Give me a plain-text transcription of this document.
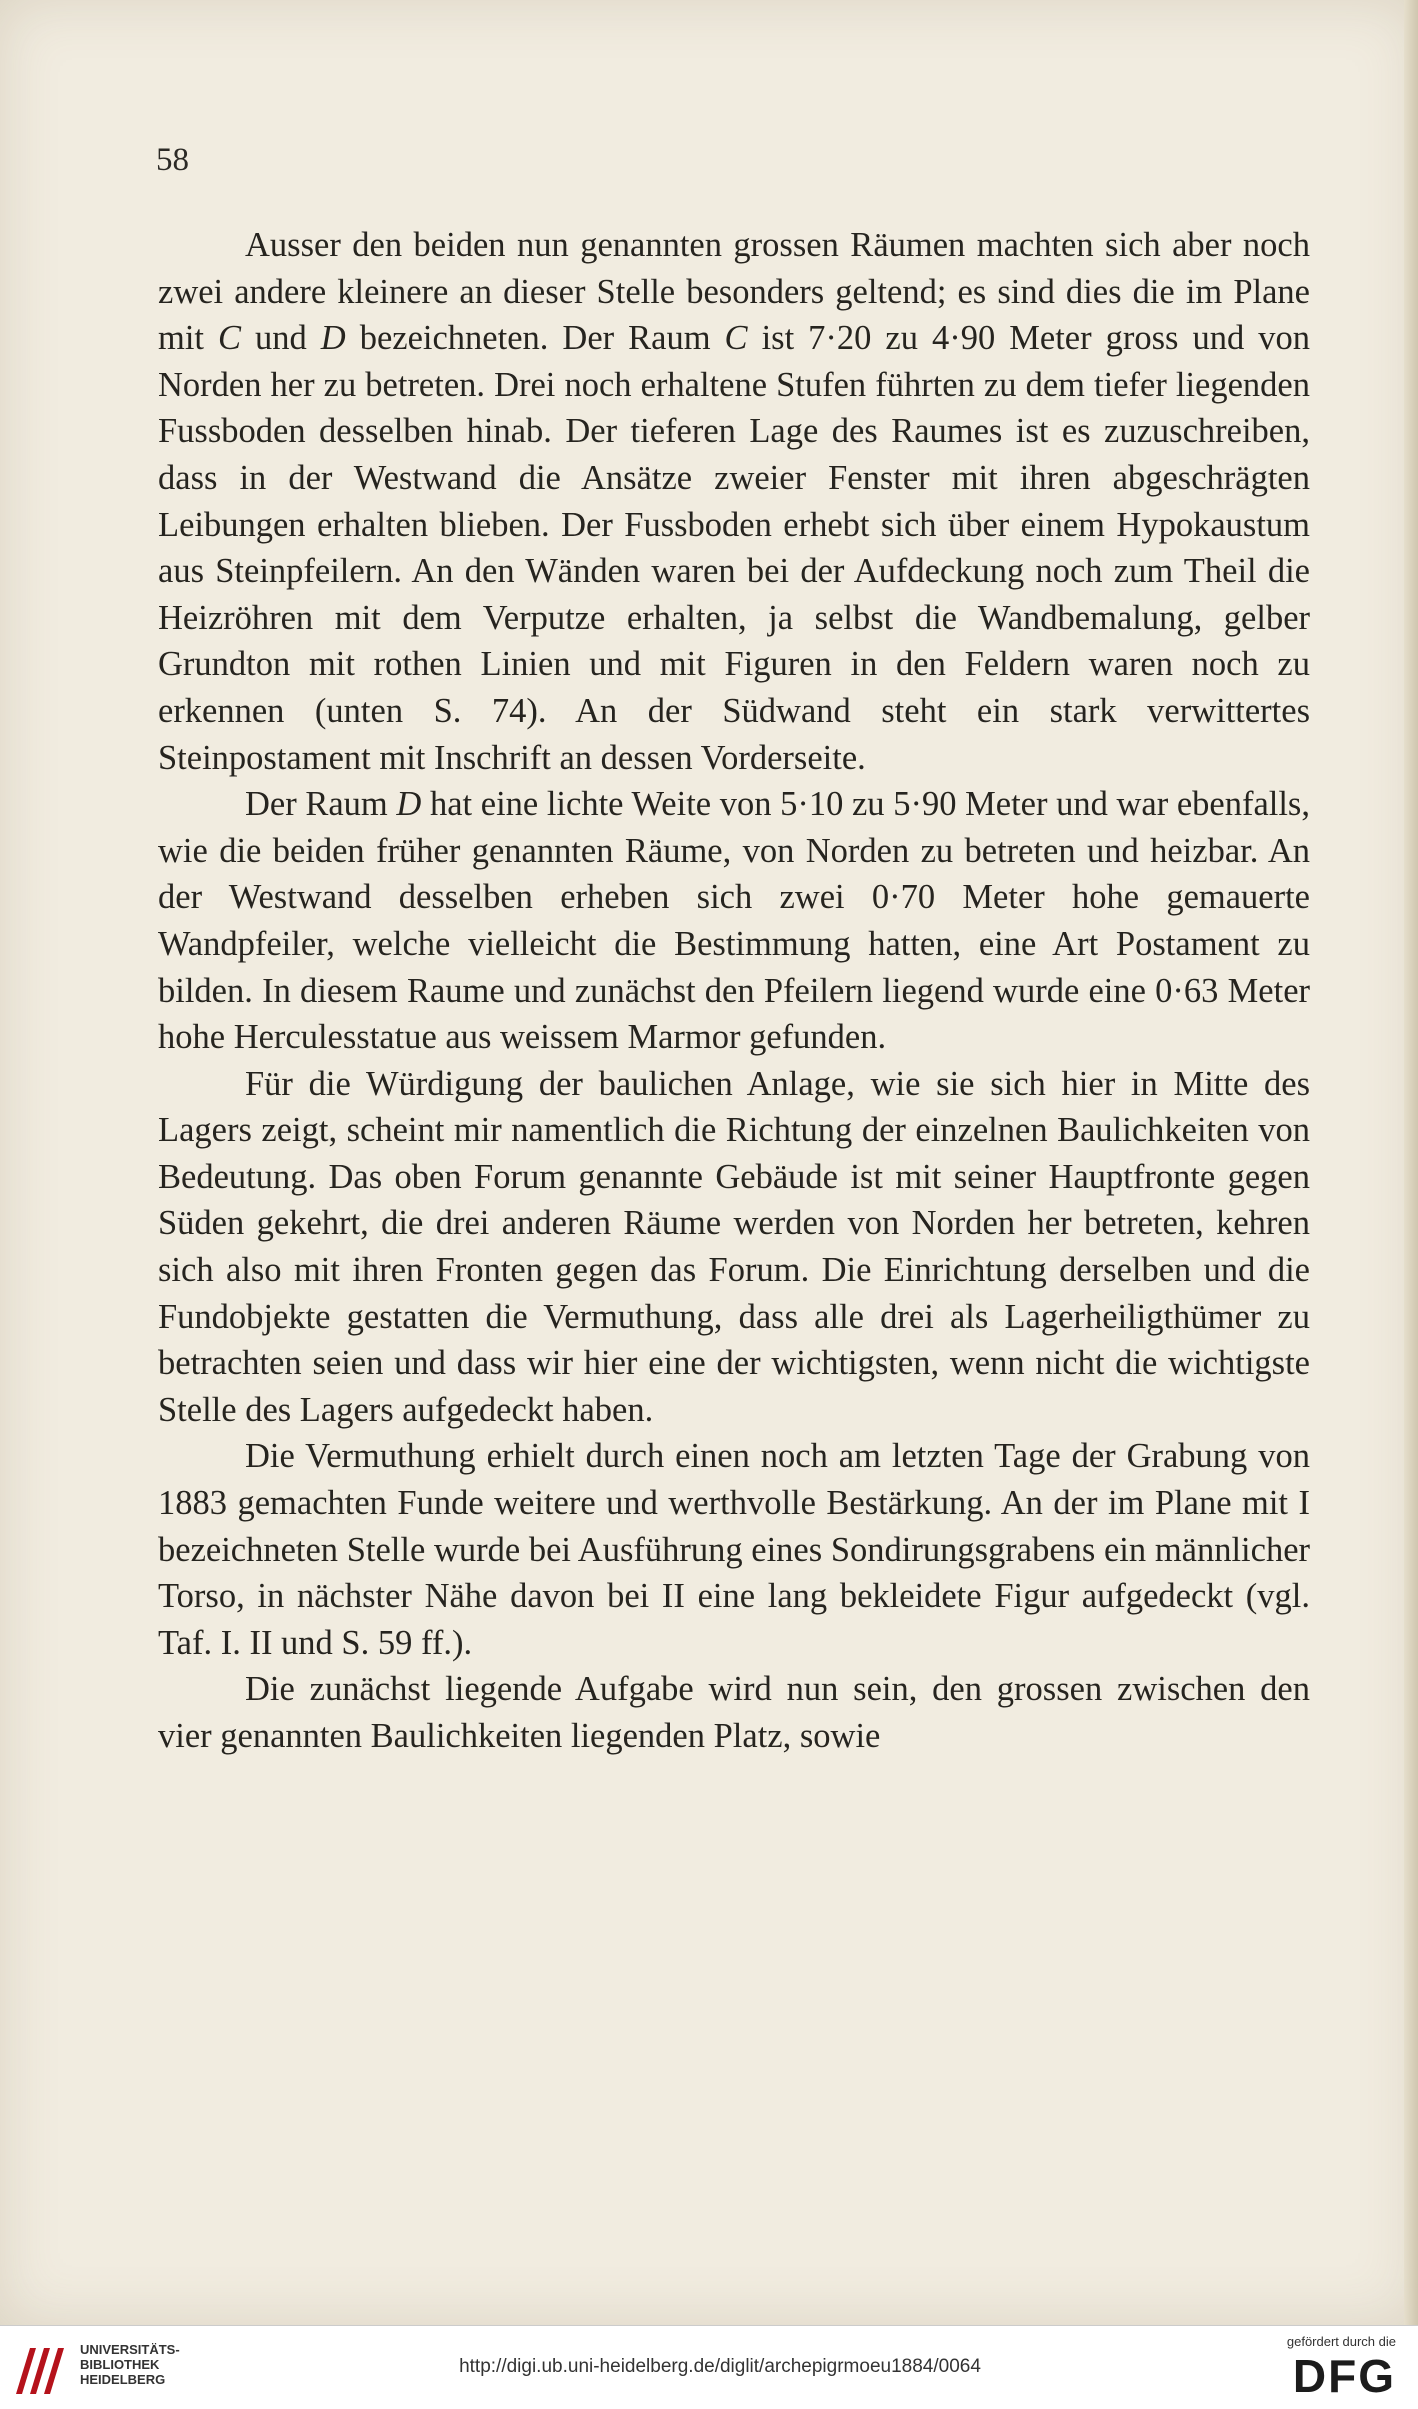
58

Ausser den beiden nun genannten grossen Räumen machten sich aber noch zwei andere kleinere an dieser Stelle besonders geltend; es sind dies die im Plane mit C und D bezeichneten. Der Raum C ist 7·20 zu 4·90 Meter gross und von Norden her zu betreten. Drei noch erhaltene Stufen führten zu dem tiefer liegenden Fussboden desselben hinab. Der tieferen Lage des Raumes ist es zuzuschreiben, dass in der Westwand die Ansätze zweier Fenster mit ihren abgeschrägten Leibungen erhalten blieben. Der Fussboden erhebt sich über einem Hypokaustum aus Steinpfeilern. An den Wänden waren bei der Aufdeckung noch zum Theil die Heizröhren mit dem Verputze erhalten, ja selbst die Wandbemalung, gelber Grundton mit rothen Linien und mit Figuren in den Feldern waren noch zu erkennen (unten S. 74). An der Südwand steht ein stark verwittertes Steinpostament mit Inschrift an dessen Vorderseite.

Der Raum D hat eine lichte Weite von 5·10 zu 5·90 Meter und war ebenfalls, wie die beiden früher genannten Räume, von Norden zu betreten und heizbar. An der Westwand desselben erheben sich zwei 0·70 Meter hohe gemauerte Wandpfeiler, welche vielleicht die Bestimmung hatten, eine Art Postament zu bilden. In diesem Raume und zunächst den Pfeilern liegend wurde eine 0·63 Meter hohe Herculesstatue aus weissem Marmor gefunden.

Für die Würdigung der baulichen Anlage, wie sie sich hier in Mitte des Lagers zeigt, scheint mir namentlich die Richtung der einzelnen Baulichkeiten von Bedeutung. Das oben Forum genannte Gebäude ist mit seiner Hauptfronte gegen Süden gekehrt, die drei anderen Räume werden von Norden her betreten, kehren sich also mit ihren Fronten gegen das Forum. Die Einrichtung derselben und die Fundobjekte gestatten die Vermuthung, dass alle drei als Lagerheiligthümer zu betrachten seien und dass wir hier eine der wichtigsten, wenn nicht die wichtigste Stelle des Lagers aufgedeckt haben.

Die Vermuthung erhielt durch einen noch am letzten Tage der Grabung von 1883 gemachten Funde weitere und werthvolle Bestärkung. An der im Plane mit I bezeichneten Stelle wurde bei Ausführung eines Sondirungsgrabens ein männlicher Torso, in nächster Nähe davon bei II eine lang bekleidete Figur aufgedeckt (vgl. Taf. I. II und S. 59 ff.).

Die zunächst liegende Aufgabe wird nun sein, den grossen zwischen den vier genannten Baulichkeiten liegenden Platz, sowie

UNIVERSITÄTS-
BIBLIOTHEK
HEIDELBERG
http://digi.ub.uni-heidelberg.de/diglit/archepigrmoeu1884/0064
gefördert durch die
DFG
